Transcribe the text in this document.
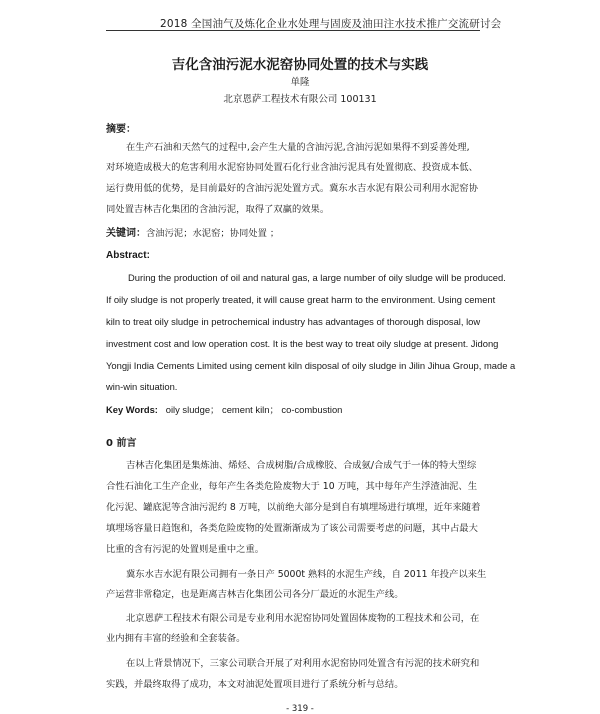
2018 全国油气及炼化企业水处理与固废及油田注水技术推广交流研讨会
吉化含油污泥水泥窑协同处置的技术与实践
单隆
北京恩萨工程技术有限公司 100131
摘要：
在生产石油和天然气的过程中,会产生大量的含油污泥,含油污泥如果得不到妥善处理,
对环境造成极大的危害利用水泥窑协同处置石化行业含油污泥具有处置彻底、投资成本低、
运行费用低的优势，是目前最好的含油污泥处置方式。冀东水吉水泥有限公司利用水泥窑协
同处置吉林吉化集团的含油污泥，取得了双赢的效果。
关键词：含油污泥；水泥窑；协同处置 ；
Abstract:
During the production of oil and natural gas, a large number of oily sludge will be produced.
If oily sludge is not properly treated, it will cause great harm to the environment. Using cement
kiln to treat oily sludge in petrochemical industry has advantages of thorough disposal, low
investment cost and low operation cost. It is the best way to treat oily sludge at present. Jidong
Yongji India Cements Limited using cement kiln disposal of oily sludge in Jilin Jihua Group, made a
win-win situation.
Key Words: oily sludge； cement kiln； co-combustion
0 前言
吉林吉化集团是集炼油、烯烃、合成树脂/合成橡胶、合成氨/合成气于一体的特大型综
合性石油化工生产企业，每年产生各类危险废物大于 10 万吨，其中每年产生浮渣油泥、生
化污泥、罐底泥等含油污泥约 8 万吨，以前绝大部分是到自有填埋场进行填埋，近年来随着
填埋场容量日趋饱和，各类危险废物的处置渐渐成为了该公司需要考虑的问题，其中占最大
比重的含有污泥的处置则是重中之重。
冀东水吉水泥有限公司拥有一条日产 5000t 熟料的水泥生产线，自 2011 年投产以来生
产运营非常稳定，也是距离吉林吉化集团公司各分厂最近的水泥生产线。
北京恩萨工程技术有限公司是专业利用水泥窑协同处置固体废物的工程技术和公司，在
业内拥有丰富的经验和全套装备。
在以上背景情况下，三家公司联合开展了对利用水泥窑协同处置含有污泥的技术研究和
实践，并最终取得了成功，本文对油泥处置项目进行了系统分析与总结。
- 319 -
